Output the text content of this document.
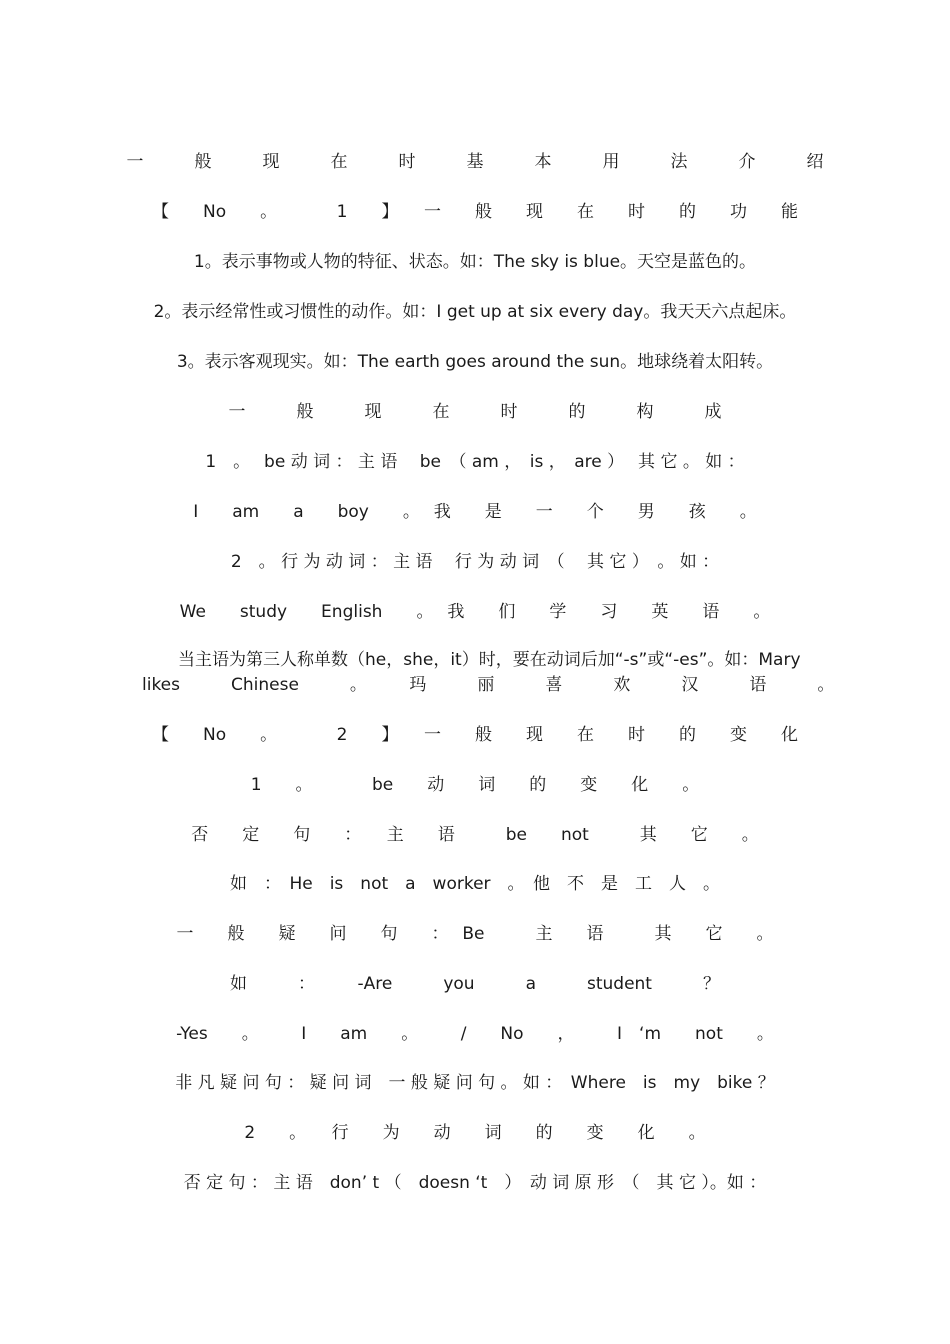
一　　　般　　　现　　　在　　　时　　　基　　　本　　　用　　　法　　　介　　　绍
【　　No　　。　　　　1　　】　　一　　般　　现　　在　　时　　的　　功　　能
1。表示事物或人物的特征、状态。如：The sky is blue。天空是蓝色的。
2。表示经常性或习惯性的动作。如：I get up at six every day。我天天六点起床。
3。表示客观现实。如：The earth goes around the sun。地球绕着太阳转。
一　　　般　　　现　　　在　　　时　　　的　　　构　　　成
1　。　 be 动 词 ： 主 语　 be　（ am ，　is ，　are ）　 其 它 。 如 ：
I　　am　　a　　boy　　。　 我　　是　　一　　个　　男　　孩　　。
2　。 行 为 动 词 ： 主 语　 行 为 动 词　（　 其 它 ）　。 如 ：
We　　study　　English　　。　 我　　们　　学　　习　　英　　语　　。
当主语为第三人称单数（he，she，it）时，要在动词后加“-s”或“-es”。如：Mary
likes　　　Chinese　　　。　　　玛　　　丽　　　喜　　　欢　　　汉　　　语　　　。
【　　No　　。　　　　2　　】　　一　　般　　现　　在　　时　　的　　变　　化
1　　。　　　　be　　动　　词　　的　　变　　化　　。
否　　定　　句　　：　　主　　语　　　be　　not　　　其　　它　　。
如　：　He　is　not　a　worker　。　他　不　是　工　人　。
一　　般　　疑　　问　　句　　：　 Be　　　主　　语　　　其　　它　　。
如　　　：　　　-Are　　　you　　　a　　　student　　　？
-Yes　　。　　　I　　am　　。　　　/　　No　　，　　　I　‘m　　not　　。
非 凡 疑 问 句 ： 疑 问 词　一 般 疑 问 句 。 如 ：　Where　is　my　bike ？
2　　。　　行　　为　　动　　词　　的　　变　　化　　。
否 定 句 ： 主 语　don’ t （　doesn ‘t　）　动 词 原 形　（　其 它 ）。如 ：
